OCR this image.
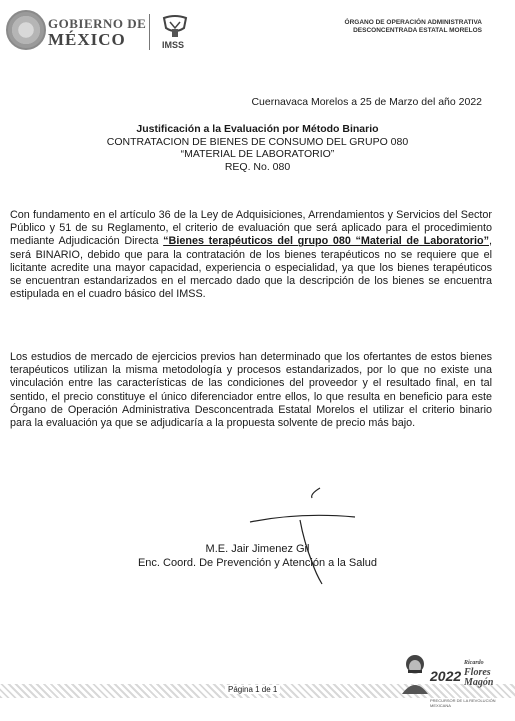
GOBIERNO DE
MÉXICO	IMSS
ÓRGANO DE OPERACIÓN ADMINISTRATIVA
DESCONCENTRADA ESTATAL MORELOS
Cuernavaca Morelos a 25 de Marzo del año 2022
Justificación a la Evaluación por Método Binario
CONTRATACION DE BIENES DE CONSUMO DEL GRUPO 080
“MATERIAL DE LABORATORIO”
REQ. No. 080

Con fundamento en el artículo 36 de la Ley de Adquisiciones, Arrendamientos y Servicios del Sector Público y 51 de su Reglamento, el criterio de evaluación que será aplicado para el procedimiento mediante Adjudicación Directa “Bienes terapéuticos del grupo 080 “Material de Laboratorio”, será BINARIO, debido que para la contratación de los bienes terapéuticos no se requiere que el licitante acredite una mayor capacidad, experiencia o especialidad, ya que los bienes terapéuticos se encuentran estandarizados en el mercado dado que la descripción de los bienes se encuentra estipulada en el cuadro básico del IMSS.

Los estudios de mercado de ejercicios previos han determinado que los ofertantes de estos bienes terapéuticos utilizan la misma metodología y procesos estandarizados, por lo que no existe una vinculación entre las características de las condiciones del proveedor y el resultado final, en tal sentido, el precio constituye el único diferenciador entre ellos, lo que resulta en beneficio para este Órgano de Operación Administrativa Desconcentrada Estatal Morelos el utilizar el criterio binario para la evaluación ya que se adjudicaría a la propuesta solvente de precio más bajo.

M.E. Jair Jimenez Gil
Enc. Coord. De Prevención y Atención a la Salud
Página 1 de 1
2022
Ricardo
Flores
Magón
PRECURSOR DE LA REVOLUCIÓN MEXICANA
